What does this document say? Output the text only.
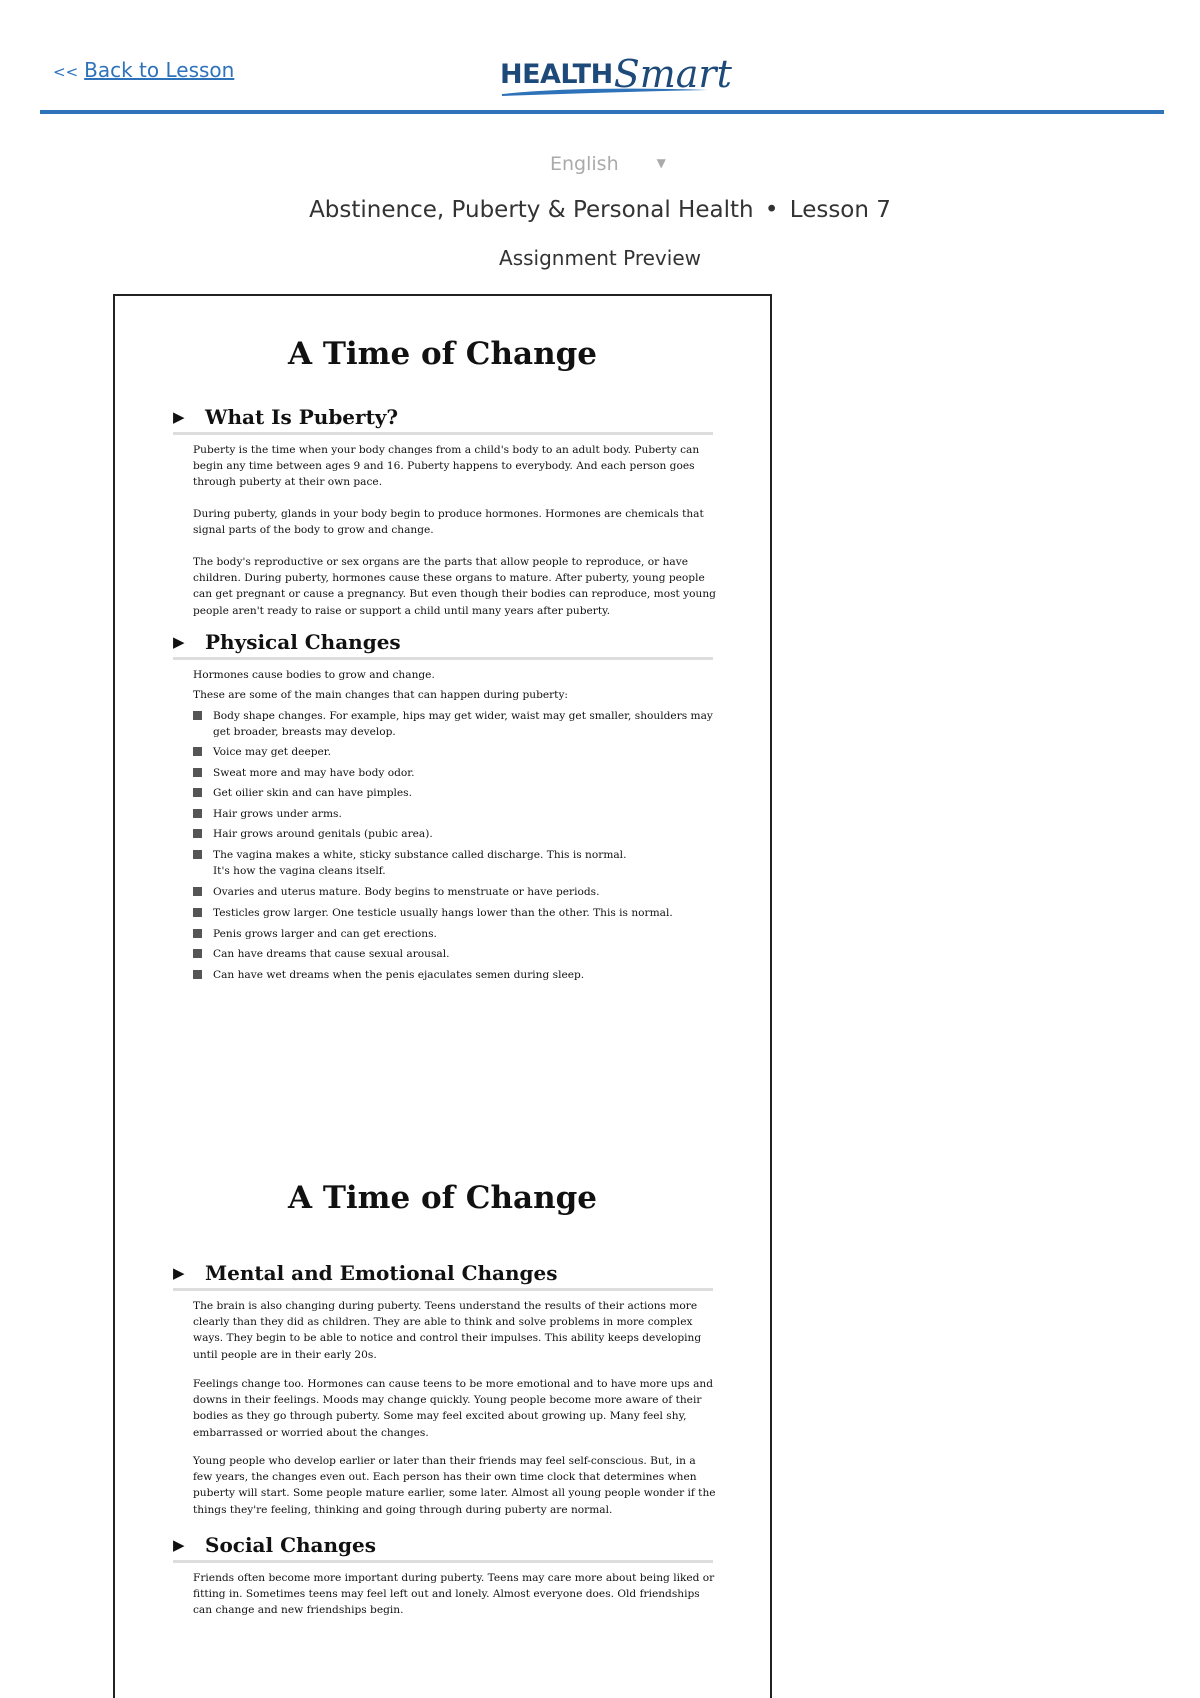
<< Back to Lesson	HEALTHSmart
English	▼
Abstinence, Puberty & Personal Health • Lesson 7
Assignment Preview
A Time of Change
▶ What Is Puberty?

Puberty is the time when your body changes from a child's body to an adult body. Puberty can begin any time between ages 9 and 16. Puberty happens to everybody. And each person goes through puberty at their own pace.

During puberty, glands in your body begin to produce hormones. Hormones are chemicals that signal parts of the body to grow and change.

The body's reproductive or sex organs are the parts that allow people to reproduce, or have children. During puberty, hormones cause these organs to mature. After puberty, young people can get pregnant or cause a pregnancy. But even though their bodies can reproduce, most young people aren't ready to raise or support a child until many years after puberty.

▶ Physical Changes

Hormones cause bodies to grow and change.

These are some of the main changes that can happen during puberty:

Body shape changes. For example, hips may get wider, waist may get smaller, shoulders may get broader, breasts may develop.
Voice may get deeper.
Sweat more and may have body odor.
Get oilier skin and can have pimples.
Hair grows under arms.
Hair grows around genitals (pubic area).
The vagina makes a white, sticky substance called discharge. This is normal. It's how the vagina cleans itself.
Ovaries and uterus mature. Body begins to menstruate or have periods.
Testicles grow larger. One testicle usually hangs lower than the other. This is normal.
Penis grows larger and can get erections.
Can have dreams that cause sexual arousal.
Can have wet dreams when the penis ejaculates semen during sleep.
A Time of Change
▶ Mental and Emotional Changes

The brain is also changing during puberty. Teens understand the results of their actions more clearly than they did as children. They are able to think and solve problems in more complex ways. They begin to be able to notice and control their impulses. This ability keeps developing until people are in their early 20s.

Feelings change too. Hormones can cause teens to be more emotional and to have more ups and downs in their feelings. Moods may change quickly. Young people become more aware of their bodies as they go through puberty. Some may feel excited about growing up. Many feel shy, embarrassed or worried about the changes.

Young people who develop earlier or later than their friends may feel self-conscious. But, in a few years, the changes even out. Each person has their own time clock that determines when puberty will start. Some people mature earlier, some later. Almost all young people wonder if the things they're feeling, thinking and going through during puberty are normal.

▶ Social Changes

Friends often become more important during puberty. Teens may care more about being liked or fitting in. Sometimes teens may feel left out and lonely. Almost everyone does. Old friendships can change and new friendships begin.
